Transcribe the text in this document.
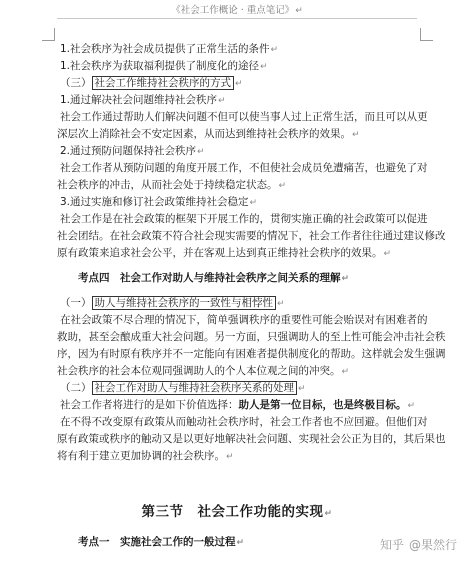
《社会工作概论 · 重点笔记》↵
1.社会秩序为社会成员提供了正常生活的条件↵
1.社会秩序为获取福利提供了制度化的途径↵
（三） 社会工作维持社会秩序的方式 ↵
1.通过解决社会问题维持社会秩序↵
社会工作通过帮助人们解决问题不但可以使当事人过上正常生活，而且可以从更
深层次上消除社会不安定因素，从而达到维持社会秩序的效果。↵
2.通过预防问题保持社会秩序↵
社会工作者从预防问题的角度开展工作，不但使社会成员免遭痛苦，也避免了对
社会秩序的冲击，从而社会处于持续稳定状态。↵
3.通过实施和修订社会政策维持社会稳定↵
社会工作是在社会政策的框架下开展工作的，贯彻实施正确的社会政策可以促进
社会团结。在社会政策不符合社会现实需要的情况下，社会工作者往往通过建议修改
原有政策来追求社会公平，并在客观上达到真正维持社会秩序的效果。↵
考点四　社会工作对助人与维持社会秩序之间关系的理解↵
（一） 助人与维持社会秩序的一致性与相悖性 ↵
在社会政策不尽合理的情况下，简单强调秩序的重要性可能会贻误对有困难者的
救助，甚至会酿成重大社会问题。另一方面，只强调助人的至上性可能会冲击社会秩
序，因为有时原有秩序并不一定能向有困难者提供制度化的帮助。这样就会发生强调
社会秩序的社会本位观同强调助人的个人本位观之间的冲突。↵
（二） 社会工作对助人与维持社会秩序关系的处理 ↵
社会工作者将进行的是如下价值选择：助人是第一位目标，也是终极目标。↵
在不得不改变原有政策从而触动社会秩序时，社会工作者也不应回避。但他们对
原有政策或秩序的触动又是以更好地解决社会问题、实现社会公正为目的，其后果也
将有利于建立更加协调的社会秩序。↵
第三节　社会工作功能的实现↵
考点一　实施社会工作的一般过程↵	知乎 @果然行
